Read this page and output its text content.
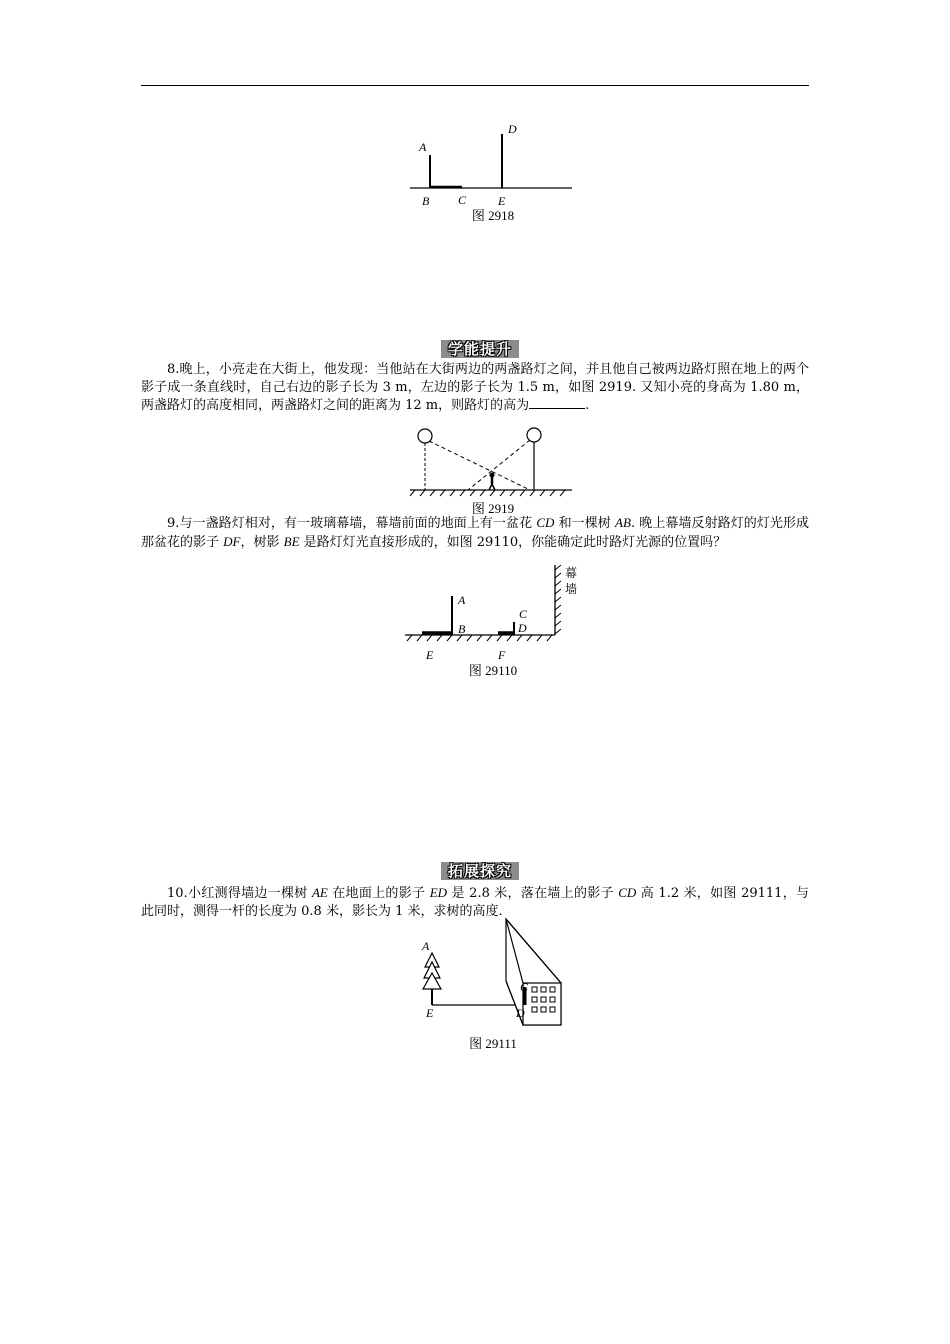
A
B C
D
E
图 2918
学能提升

8.晚上，小亮走在大街上，他发现：当他站在大街两边的两盏路灯之间，并且他自己被两边路灯照在地上的两个影子成一条直线时，自己右边的影子长为 3 m，左边的影子长为 1.5 m，如图 2919. 又知小亮的身高为 1.80 m，两盏路灯的高度相同，两盏路灯之间的距离为 12 m，则路灯的高为	.

图 2919

9.与一盏路灯相对，有一玻璃幕墙，幕墙前面的地面上有一盆花 CD 和一棵树 AB. 晚上幕墙反射路灯的灯光形成那盆花的影子 DF，树影 BE 是路灯灯光直接形成的，如图 29110，你能确定此时路灯光源的位置吗？

A
B
C
D
E	F
幕
墙
图 29110
拓展探究

10.小红测得墙边一棵树 AE 在地面上的影子 ED 是 2.8 米，落在墙上的影子 CD 高 1.2 米，如图 29111，与此同时，测得一杆的长度为 0.8 米，影长为 1 米，求树的高度.

A
C
D
E
图 29111
